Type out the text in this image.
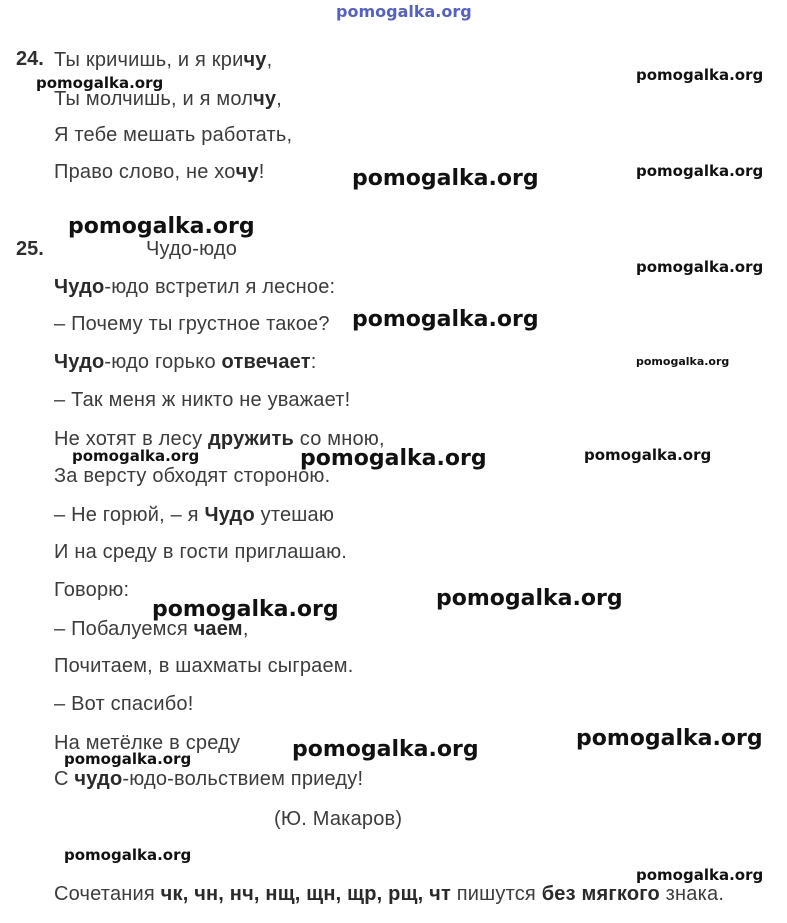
pomogalka.org
24. Ты кричишь, и я кричу,
Ты молчишь, и я молчу,
Я тебе мешать работать,
Право слово, не хочу!
25.	Чудо-юдо
Чудо-юдо встретил я лесное:
– Почему ты грустное такое?
Чудо-юдо горько отвечает:
– Так меня ж никто не уважает!
Не хотят в лесу дружить со мною,
За версту обходят стороною.
– Не горюй, – я Чудо утешаю
И на среду в гости приглашаю.
Говорю:
– Побалуемся чаем,
Почитаем, в шахматы сыграем.
– Вот спасибо!
На метёлке в среду
С чудо-юдо-вольствием приеду!
(Ю. Макаров)
Сочетания чк, чн, нч, нщ, щн, щр, рщ, чт пишутся без мягкого знака.
pomogalka.org	pomogalka.org
pomogalka.org	pomogalka.org
pomogalka.org
pomogalka.org
pomogalka.org
pomogalka.org
pomogalka.org	pomogalka.org	pomogalka.org
pomogalka.org
pomogalka.org
pomogalka.org
pomogalka.org
pomogalka.org
pomogalka.org
pomogalka.org
